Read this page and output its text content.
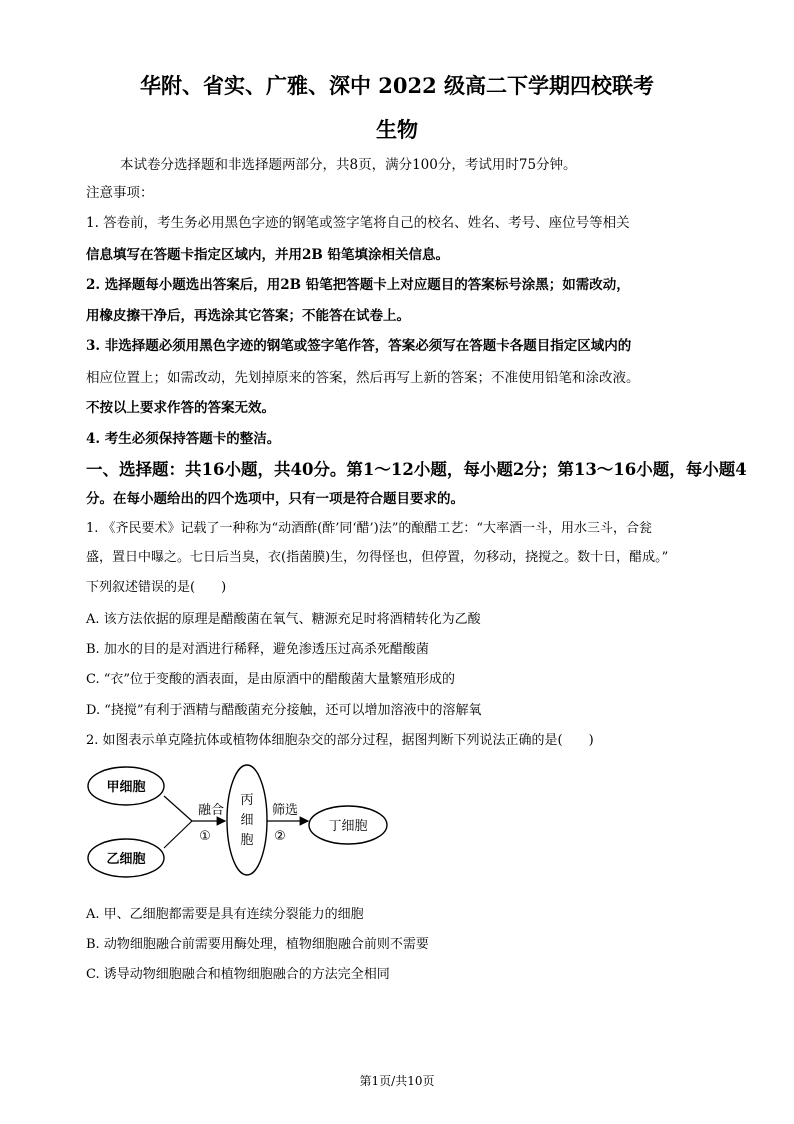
华附、省实、广雅、深中 2022 级高二下学期四校联考
生物
本试卷分选择题和非选择题两部分，共8页，满分100分，考试用时75分钟。
注意事项：
1. 答卷前，考生务必用黑色字迹的钢笔或签字笔将自己的校名、姓名、考号、座位号等相关
信息填写在答题卡指定区域内，并用2B 铅笔填涂相关信息。
2. 选择题每小题选出答案后，用2B 铅笔把答题卡上对应题目的答案标号涂黑；如需改动，
用橡皮擦干净后，再选涂其它答案；不能答在试卷上。
3. 非选择题必须用黑色字迹的钢笔或签字笔作答，答案必须写在答题卡各题目指定区域内的
相应位置上；如需改动，先划掉原来的答案，然后再写上新的答案；不准使用铅笔和涂改液。
不按以上要求作答的答案无效。
4. 考生必须保持答题卡的整洁。
一、选择题：共16小题，共40分。第1～12小题，每小题2分；第13～16小题，每小题4
分。在每小题给出的四个选项中，只有一项是符合题目要求的。
1. 《齐民要术》记载了一种称为“动酒酢(酢’同‘醋’)法”的酿醋工艺：“大率酒一斗，用水三斗，合瓮
盛，置日中曝之。七日后当臭，衣(指菌膜)生，勿得怪也，但停置，勿移动，挠搅之。数十日，醋成。”
下列叙述错误的是(　　)
A. 该方法依据的原理是醋酸菌在氧气、糖源充足时将酒精转化为乙酸
B. 加水的目的是对酒进行稀释，避免渗透压过高杀死醋酸菌
C. “衣”位于变酸的酒表面，是由原酒中的醋酸菌大量繁殖形成的
D. “挠搅”有利于酒精与醋酸菌充分接触，还可以增加溶液中的溶解氧
2. 如图表示单克隆抗体或植物体细胞杂交的部分过程，据图判断下列说法正确的是(　　)
甲细胞
乙细胞
融合
①
丙
细
胞
筛选
②
丁细胞
A. 甲、乙细胞都需要是具有连续分裂能力的细胞
B. 动物细胞融合前需要用酶处理，植物细胞融合前则不需要
C. 诱导动物细胞融合和植物细胞融合的方法完全相同
第1页/共10页
